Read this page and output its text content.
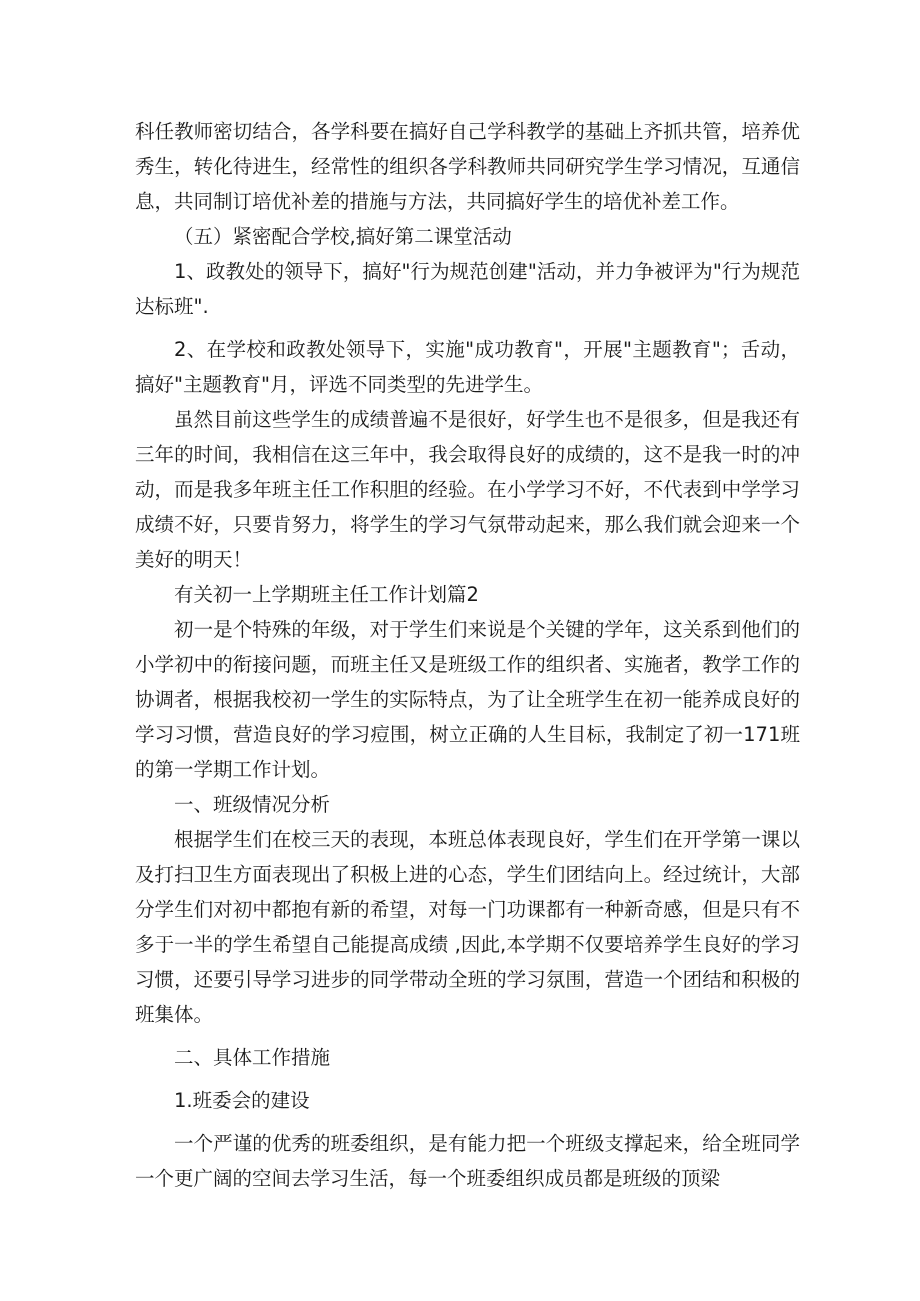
科任教师密切结合，各学科要在搞好自己学科教学的基础上齐抓共管，培养优秀生，转化待进生，经常性的组织各学科教师共同研究学生学习情况，互通信息，共同制订培优补差的措施与方法，共同搞好学生的培优补差工作。

（五）紧密配合学校,搞好第二课堂活动

1、政教处的领导下，搞好"行为规范创建"活动，并力争被评为"行为规范达标班".

2、在学校和政教处领导下，实施"成功教育"，开展"主题教育"；舌动，搞好"主题教育"月，评选不同类型的先进学生。

虽然目前这些学生的成绩普遍不是很好，好学生也不是很多，但是我还有三年的时间，我相信在这三年中，我会取得良好的成绩的，这不是我一时的冲动，而是我多年班主任工作积胆的经验。在小学学习不好，不代表到中学学习成绩不好，只要肯努力，将学生的学习气氛带动起来，那么我们就会迎来一个美好的明天！

有关初一上学期班主任工作计划篇2

初一是个特殊的年级，对于学生们来说是个关键的学年，这关系到他们的小学初中的衔接问题，而班主任又是班级工作的组织者、实施者，教学工作的协调者，根据我校初一学生的实际特点，为了让全班学生在初一能养成良好的学习习惯，营造良好的学习痘围，树立正确的人生目标，我制定了初一171班的第一学期工作计划。

一、班级情况分析

根据学生们在校三天的表现，本班总体表现良好，学生们在开学第一课以及打扫卫生方面表现出了积极上进的心态，学生们团结向上。经过统计，大部分学生们对初中都抱有新的希望，对每一门功课都有一种新奇感，但是只有不多于一半的学生希望自己能提高成绩 ,因此,本学期不仅要培养学生良好的学习习惯，还要引导学习进步的同学带动全班的学习氛围，营造一个团结和积极的班集体。

二、具体工作措施

1.班委会的建设

一个严谨的优秀的班委组织，是有能力把一个班级支撑起来，给全班同学一个更广阔的空间去学习生活，每一个班委组织成员都是班级的顶梁
